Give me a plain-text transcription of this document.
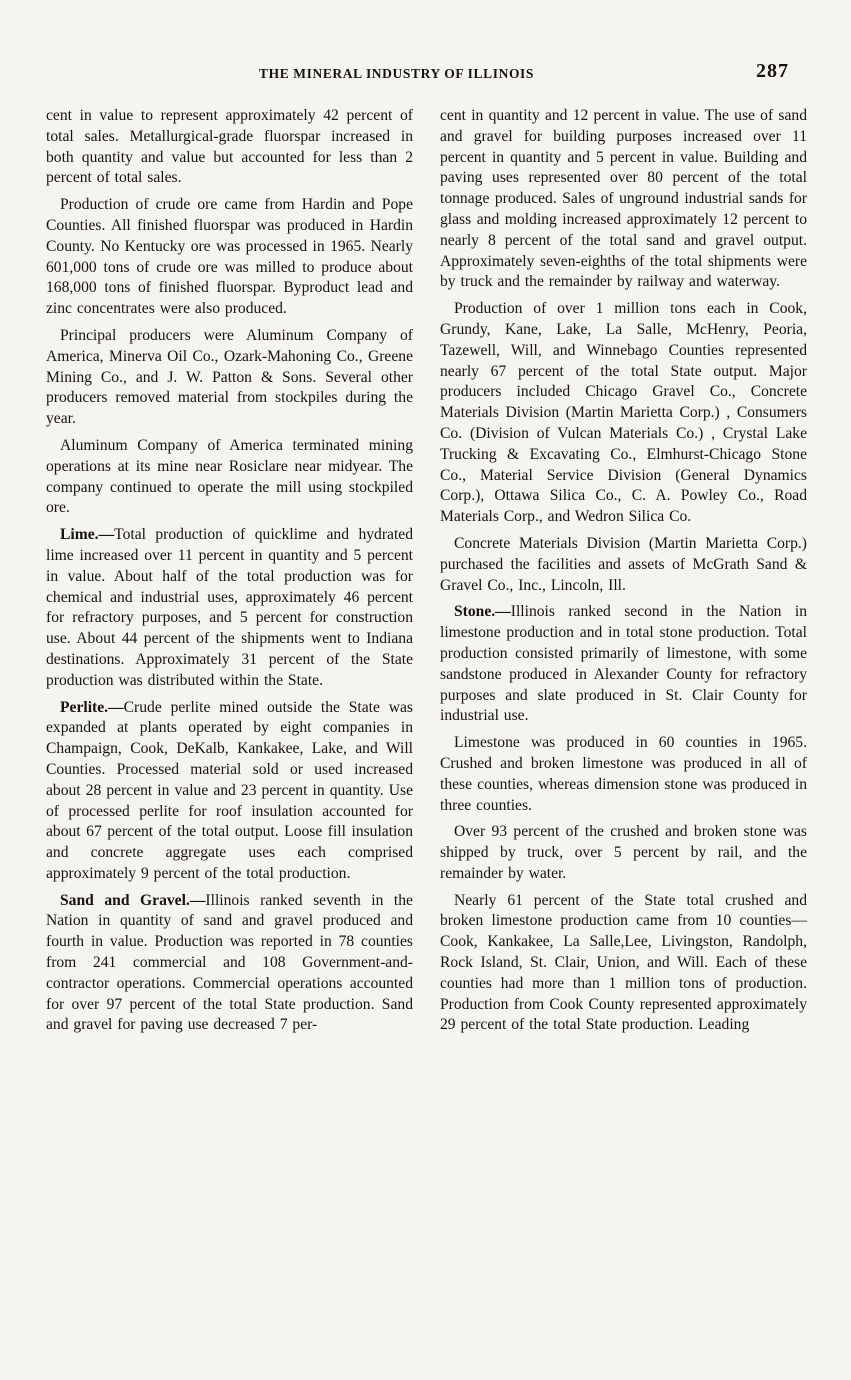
THE MINERAL INDUSTRY OF ILLINOIS	287

cent in value to represent approximately 42 percent of total sales. Metallurgical-grade fluorspar increased in both quantity and value but accounted for less than 2 percent of total sales.

Production of crude ore came from Hardin and Pope Counties. All finished fluorspar was produced in Hardin County. No Kentucky ore was processed in 1965. Nearly 601,000 tons of crude ore was milled to produce about 168,000 tons of finished fluorspar. Byproduct lead and zinc concentrates were also produced.

Principal producers were Aluminum Company of America, Minerva Oil Co., Ozark-Mahoning Co., Greene Mining Co., and J. W. Patton & Sons. Several other producers removed material from stockpiles during the year.

Aluminum Company of America terminated mining operations at its mine near Rosiclare near midyear. The company continued to operate the mill using stockpiled ore.

Lime.—Total production of quicklime and hydrated lime increased over 11 percent in quantity and 5 percent in value. About half of the total production was for chemical and industrial uses, approximately 46 percent for refractory purposes, and 5 percent for construction use. About 44 percent of the shipments went to Indiana destinations. Approximately 31 percent of the State production was distributed within the State.

Perlite.—Crude perlite mined outside the State was expanded at plants operated by eight companies in Champaign, Cook, DeKalb, Kankakee, Lake, and Will Counties. Processed material sold or used increased about 28 percent in value and 23 percent in quantity. Use of processed perlite for roof insulation accounted for about 67 percent of the total output. Loose fill insulation and concrete aggregate uses each comprised approximately 9 percent of the total production.

Sand and Gravel.—Illinois ranked seventh in the Nation in quantity of sand and gravel produced and fourth in value. Production was reported in 78 counties from 241 commercial and 108 Government-and-contractor operations. Commercial operations accounted for over 97 percent of the total State production. Sand and gravel for paving use decreased 7 per-

cent in quantity and 12 percent in value. The use of sand and gravel for building purposes increased over 11 percent in quantity and 5 percent in value. Building and paving uses represented over 80 percent of the total tonnage produced. Sales of unground industrial sands for glass and molding increased approximately 12 percent to nearly 8 percent of the total sand and gravel output. Approximately seven-eighths of the total shipments were by truck and the remainder by railway and waterway.

Production of over 1 million tons each in Cook, Grundy, Kane, Lake, La Salle, McHenry, Peoria, Tazewell, Will, and Winnebago Counties represented nearly 67 percent of the total State output. Major producers included Chicago Gravel Co., Concrete Materials Division (Martin Marietta Corp.) , Consumers Co. (Division of Vulcan Materials Co.) , Crystal Lake Trucking & Excavating Co., Elmhurst-Chicago Stone Co., Material Service Division (General Dynamics Corp.), Ottawa Silica Co., C. A. Powley Co., Road Materials Corp., and Wedron Silica Co.

Concrete Materials Division (Martin Marietta Corp.) purchased the facilities and assets of McGrath Sand & Gravel Co., Inc., Lincoln, Ill.

Stone.—Illinois ranked second in the Nation in limestone production and in total stone production. Total production consisted primarily of limestone, with some sandstone produced in Alexander County for refractory purposes and slate produced in St. Clair County for industrial use.

Limestone was produced in 60 counties in 1965. Crushed and broken limestone was produced in all of these counties, whereas dimension stone was produced in three counties.

Over 93 percent of the crushed and broken stone was shipped by truck, over 5 percent by rail, and the remainder by water.

Nearly 61 percent of the State total crushed and broken limestone production came from 10 counties—Cook, Kankakee, La Salle,Lee, Livingston, Randolph, Rock Island, St. Clair, Union, and Will. Each of these counties had more than 1 million tons of production. Production from Cook County represented approximately 29 percent of the total State production. Leading
